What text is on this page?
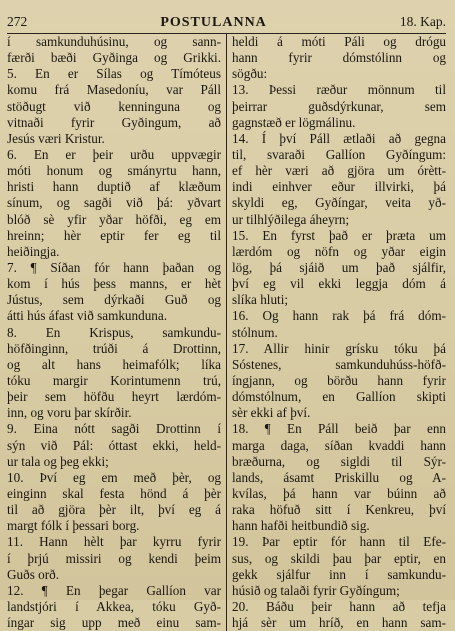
272	POSTULANNA	18. Kap.
í samkunduhúsinu, og sann-
færði bæði Gyðinga og Grikki.
5. En er Sílas og Tímóteus
komu frá Masedoníu, var Páll
stöðugt við kenninguna og
vitnaði fyrir Gyðingum, að
Jesús væri Kristur.
6. En er þeir urðu uppvægir
móti honum og smányrtu hann,
hristi hann duptið af klæðum
sínum, og sagði við þá: yðvart
blóð sè yfir yðar höfði, eg em
hreinn; hèr eptir fer eg til
heiðingja.
7. ¶ Síðan fór hann þaðan og
kom í hús þess manns, er hèt
Jústus, sem dýrkaði Guð og
átti hús áfast við samkunduna.
8. En Krispus, samkundu-
höfðinginn, trúði á Drottinn,
og alt hans heimafólk; líka
tóku margir Korintumenn trú,
þeir sem höfðu heyrt lærdóm-
inn, og voru þar skírðir.
9. Eina nótt sagði Drottinn í
sýn við Pál: óttast ekki, held-
ur tala og þeg ekki;
10. Því eg em með þèr, og
einginn skal festa hönd á þèr
til að gjöra þèr ilt, því eg á
margt fólk í þessari borg.
11. Hann hèlt þar kyrru fyrir
í þrjú missiri og kendi þeim
Guðs orð.
12. ¶ En þegar Gallíon var
landstjóri í Akkea, tóku Gyð-
íngar sig upp með einu sam-
heldi á móti Páli og drógu
hann fyrir dómstólinn og
sögðu:
13. Þessi ræður mönnum til
þeirrar guðsdýrkunar, sem
gagnstæð er lögmálinu.
14. Í því Páll ætlaði að gegna
til, svaraði Gallíon Gyðíngum:
ef hèr væri að gjöra um órètt-
indi einhver eður illvirki, þá
skyldi eg, Gyðíngar, veita yð-
ur tilhlýðilega áheyrn;
15. En fyrst það er þræta um
lærdóm og nöfn og yðar eigin
lög, þá sjáið um það sjálfir,
því eg vil ekki leggja dóm á
slíka hluti;
16. Og hann rak þá frá dóm-
stólnum.
17. Allir hinir grísku tóku þá
Sóstenes, samkunduhúss-höfð-
íngjann, og börðu hann fyrir
dómstólnum, en Gallíon skipti
sèr ekki af því.
18. ¶ En Páll beið þar enn
marga daga, síðan kvaddi hann
bræðurna, og sigldi til Sýr-
lands, ásamt Priskillu og A-
kvílas, þá hann var búinn að
raka höfuð sitt í Kenkreu, því
hann hafði heitbundið sig.
19. Þar eptir fór hann til Efe-
sus, og skildi þau þar eptir, en
gekk sjálfur inn í samkundu-
húsið og talaði fyrir Gyðíngum;
20. Báðu þeir hann að tefja
hjá sèr um hríð, en hann sam-
